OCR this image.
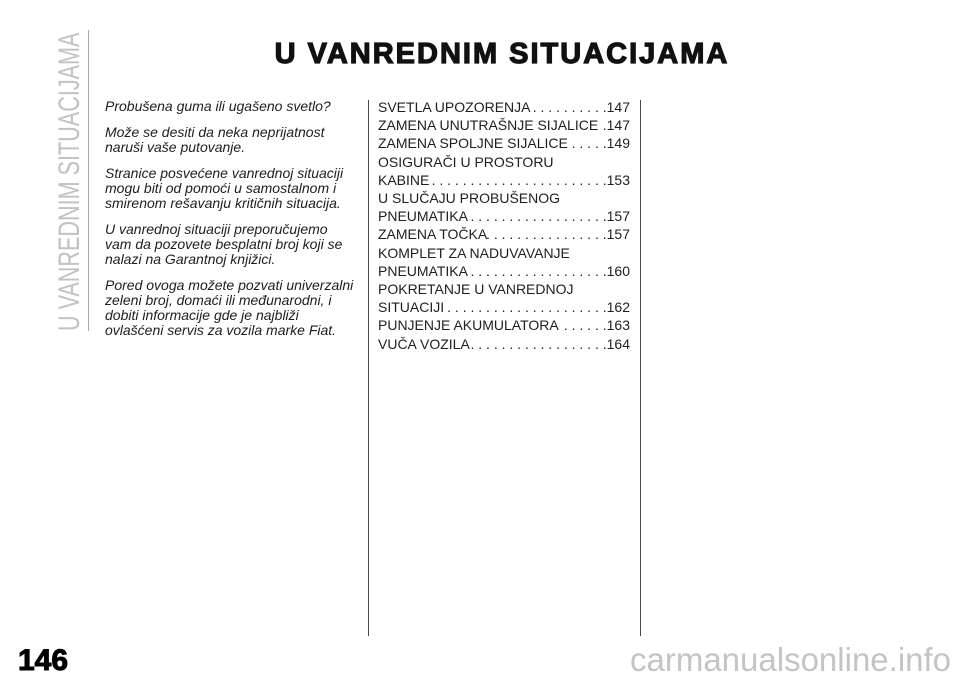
U VANREDNIM SITUACIJAMA	U VANREDNIM SITUACIJAMA

Probušena guma ili ugašeno svetlo?

Može se desiti da neka neprijatnost
naruši vaše putovanje.

Stranice posvećene vanrednoj situaciji
mogu biti od pomoći u samostalnom i
smirenom rešavanju kritičnih situacija.

U vanrednoj situaciji preporučujemo
vam da pozovete besplatni broj koji se
nalazi na Garantnoj knjižici.

Pored ovoga možete pozvati univerzalni
zeleni broj, domaći ili međunarodni, i
dobiti informacije gde je najbliži
ovlašćeni servis za vozila marke Fiat.

SVETLA UPOZORENJA . . .	147
ZAMENA UNUTRAŠNJE SIJALICE . . . 147
ZAMENA SPOLJNE SIJALICE . . .	149
OSIGURAČI U PROSTORU
KABINE . . .	153
U SLUČAJU PROBUŠENOG
PNEUMATIKA . . .	157
ZAMENA TOČKA . . .	157
KOMPLET ZA NADUVAVANJE
PNEUMATIKA . . .	160
POKRETANJE U VANREDNOJ
SITUACIJI . . .	162
PUNJENJE AKUMULATORA . . .	163
VUČA VOZILA . . .	164
146	carmanualsonline.info
